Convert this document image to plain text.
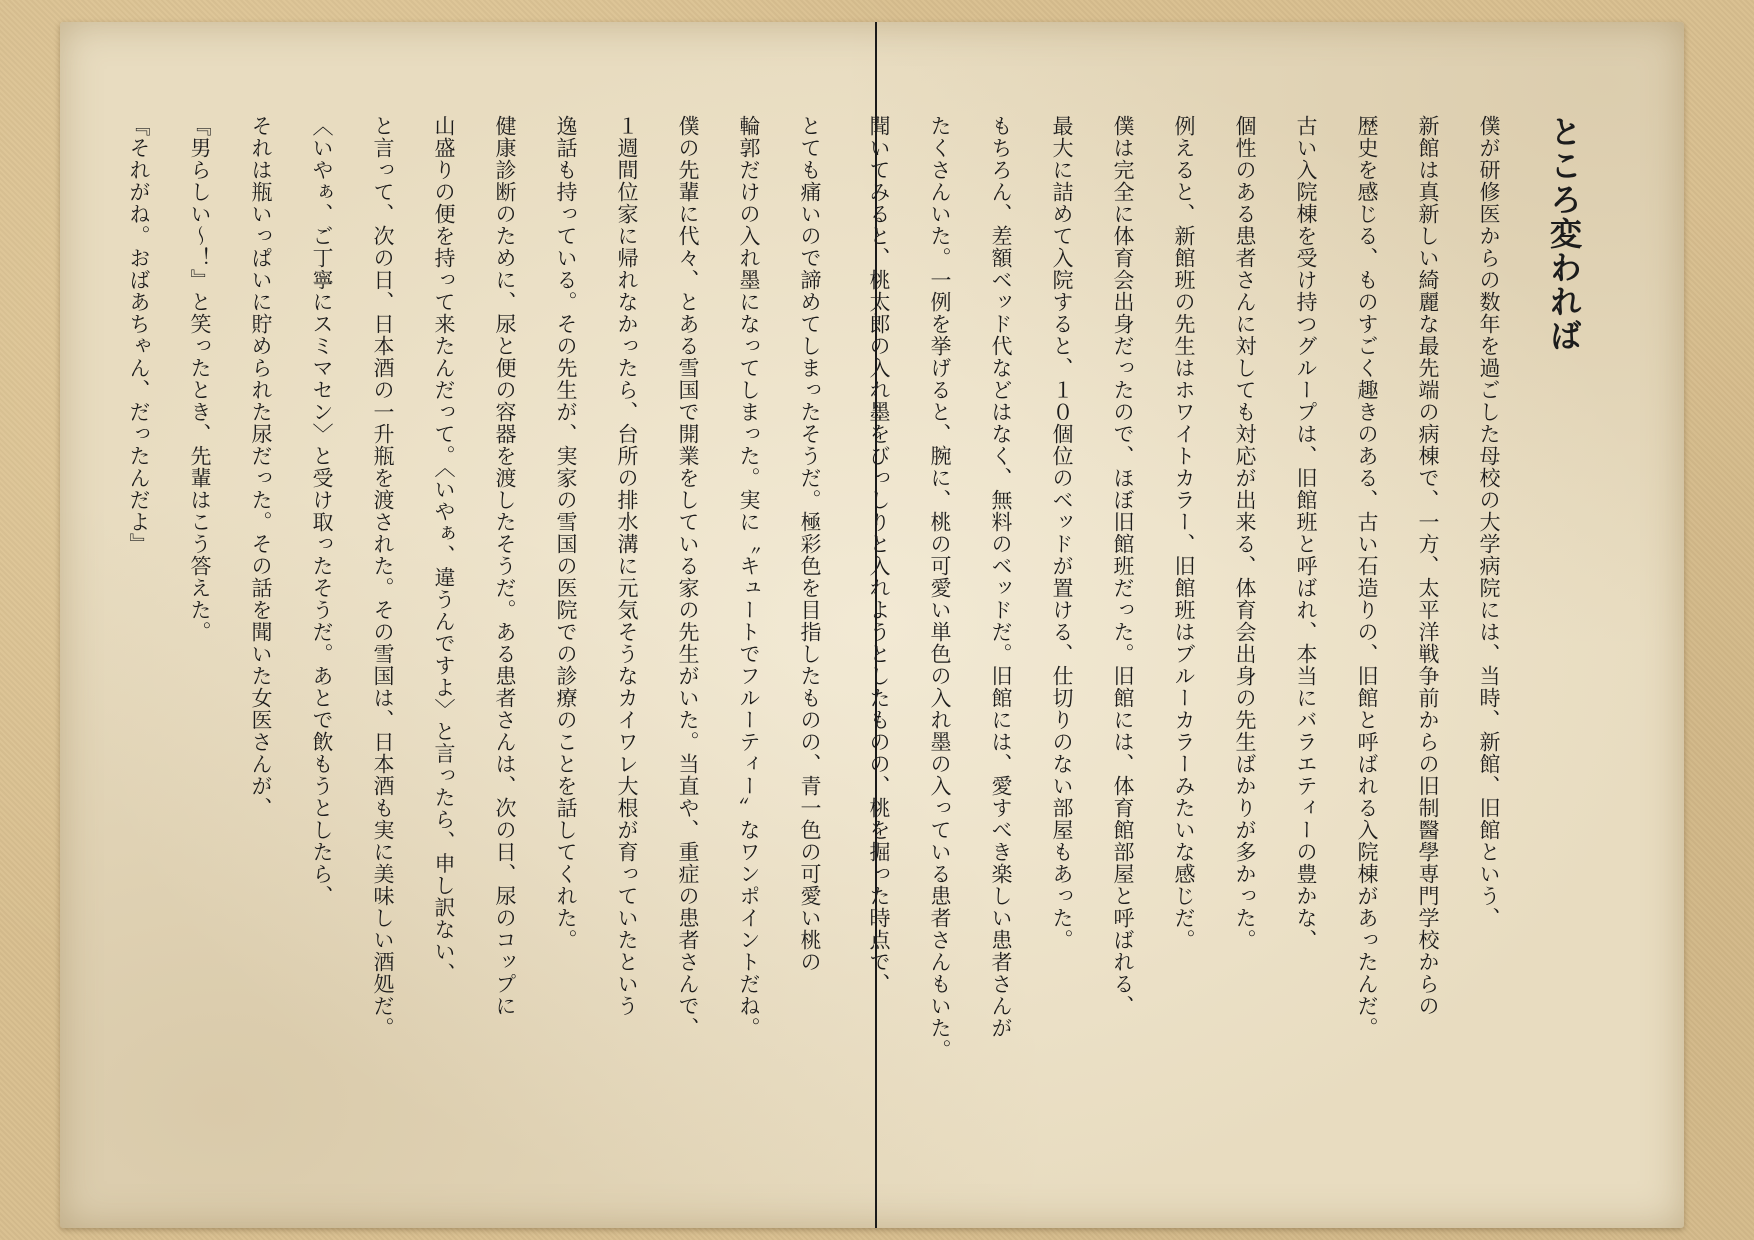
ところ変われば
僕が研修医からの数年を過ごした母校の大学病院には、当時、新館、旧館という、
新館は真新しい綺麗な最先端の病棟で、一方、太平洋戦争前からの旧制醫學専門学校からの
歴史を感じる、ものすごく趣きのある、古い石造りの、旧館と呼ばれる入院棟があったんだ。
古い入院棟を受け持つグループは、旧館班と呼ばれ、本当にバラエティーの豊かな、
個性のある患者さんに対しても対応が出来る、体育会出身の先生ばかりが多かった。
例えると、新館班の先生はホワイトカラー、旧館班はブルーカラーみたいな感じだ。
僕は完全に体育会出身だったので、ほぼ旧館班だった。旧館には、体育館部屋と呼ばれる、
最大に詰めて入院すると、１０個位のベッドが置ける、仕切りのない部屋もあった。
もちろん、差額ベッド代などはなく、無料のベッドだ。旧館には、愛すべき楽しい患者さんが
たくさんいた。一例を挙げると、腕に、桃の可愛い単色の入れ墨の入っている患者さんもいた。
聞いてみると、桃太郎の入れ墨をびっしりと入れようとしたものの、桃を掘った時点で、
とても痛いので諦めてしまったそうだ。極彩色を目指したものの、青一色の可愛い桃の
輪郭だけの入れ墨になってしまった。実に〝キュートでフルーティー〟なワンポイントだね。
僕の先輩に代々、とある雪国で開業をしている家の先生がいた。当直や、重症の患者さんで、
１週間位家に帰れなかったら、台所の排水溝に元気そうなカイワレ大根が育っていたという
逸話も持っている。その先生が、実家の雪国の医院での診療のことを話してくれた。
健康診断のために、尿と便の容器を渡したそうだ。ある患者さんは、次の日、尿のコップに
山盛りの便を持って来たんだって。〈いやぁ、違うんですよ〉と言ったら、申し訳ない、
と言って、次の日、日本酒の一升瓶を渡された。その雪国は、日本酒も実に美味しい酒処だ。
〈いやぁ、ご丁寧にスミマセン〉と受け取ったそうだ。あとで飲もうとしたら、
それは瓶いっぱいに貯められた尿だった。その話を聞いた女医さんが、
『男らしい～！』と笑ったとき、先輩はこう答えた。
『それがね。おばあちゃん、だったんだよ』
